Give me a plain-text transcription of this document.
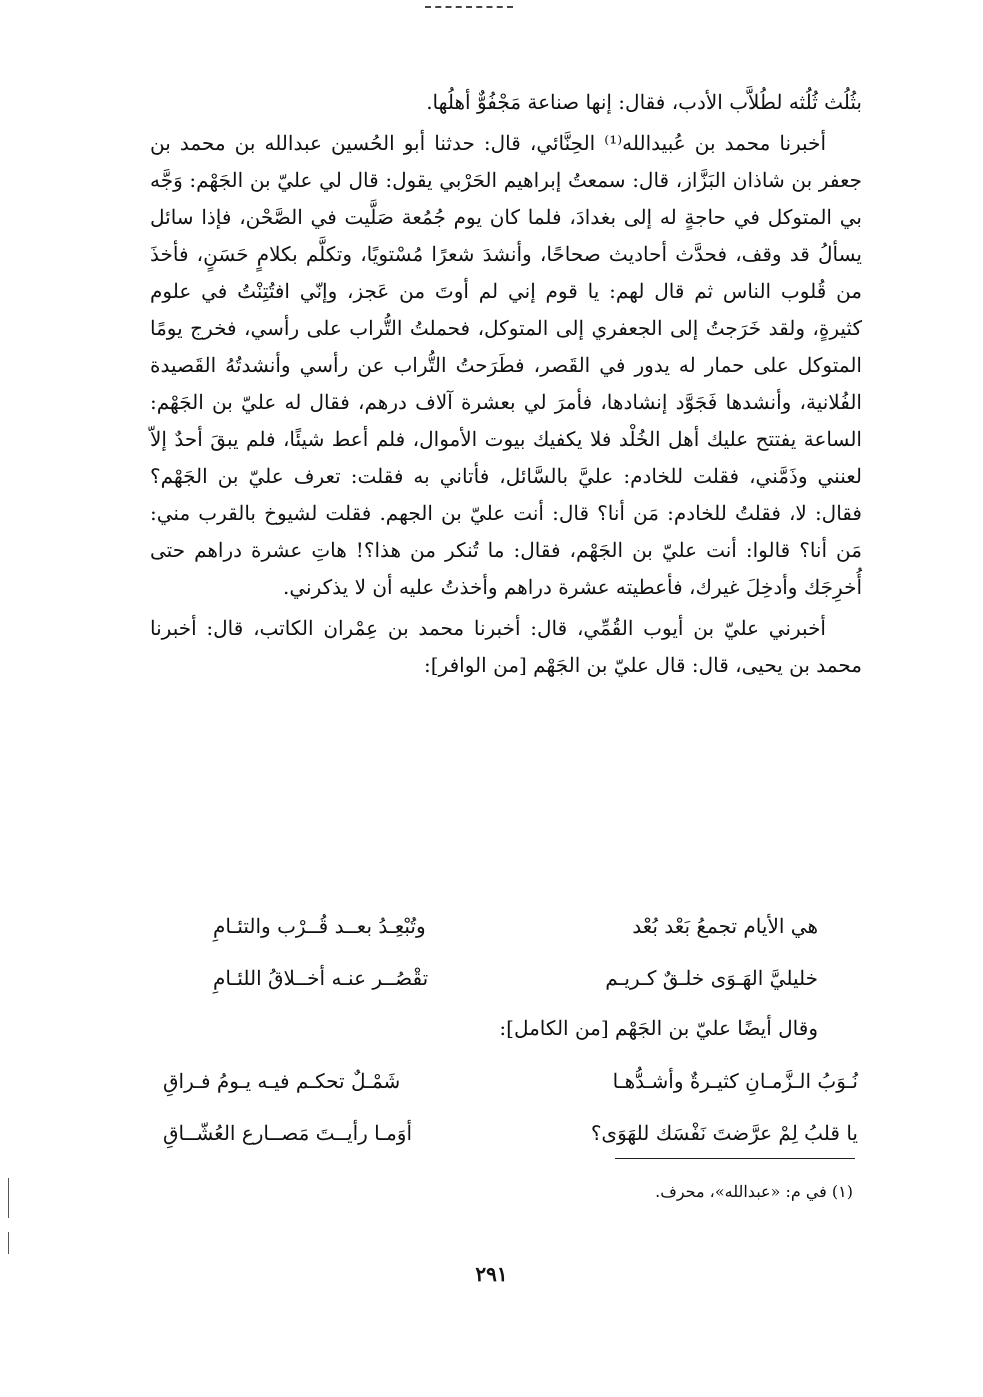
بثُلُث ثُلُثه لطُلاَّب الأدب، فقال: إنها صناعة مَجْفُوٌّ أهلُها.

أخبرنا محمد بن عُبيدالله⁽¹⁾ الحِنَّائي، قال: حدثنا أبو الحُسين عبدالله بن محمد بن جعفر بن شاذان البَزَّاز، قال: سمعتُ إبراهيم الحَرْبي يقول: قال لي عليّ بن الجَهْم: وَجَّه بي المتوكل في حاجةٍ له إلى بغدادَ، فلما كان يوم جُمُعة صَلَّيت في الصَّحْن، فإذا سائل يسألُ قد وقف، فحدَّث أحاديث صحاحًا، وأنشدَ شعرًا مُسْتويًا، وتكلَّم بكلامٍ حَسَنٍ، فأخذَ من قُلوب الناس ثم قال لهم: يا قوم إني لم أوتَ من عَجز، وإنّي افتُتِنْتُ في علوم كثيرةٍ، ولقد خَرَجتُ إلى الجعفري إلى المتوكل، فحملتُ التُّراب على رأسي، فخرج يومًا المتوكل على حمار له يدور في القَصر، فطَرَحتُ التُّراب عن رأسي وأنشدتُهُ القَصيدة الفُلانية، وأنشدها فَجَوَّد إنشادها، فأمرَ لي بعشرة آلاف درهم، فقال له عليّ بن الجَهْم: الساعة يفتتح عليك أهل الخُلْد فلا يكفيك بيوت الأموال، فلم أعط شيئًا، فلم يبقَ أحدٌ إلاّ لعنني وذَمَّني، فقلت للخادم: عليَّ بالسَّائل، فأتاني به فقلت: تعرف عليّ بن الجَهْم؟ فقال: لا، فقلتُ للخادم: مَن أنا؟ قال: أنت عليّ بن الجهم. فقلت لشيوخ بالقرب مني: مَن أنا؟ قالوا: أنت عليّ بن الجَهْم، فقال: ما تُنكر من هذا؟! هاتِ عشرة دراهم حتى أُخرِجَك وأدخِلَ غيرك، فأعطيته عشرة دراهم وأخذتُ عليه أن لا يذكرني.

أخبرني عليّ بن أيوب القُمِّي، قال: أخبرنا محمد بن عِمْران الكاتب، قال: أخبرنا محمد بن يحيى، قال: قال عليّ بن الجَهْم [من الوافر]:

هي الأيام تجمعُ بَعْد بُعْد
وتُبْعِـدُ بعــد قُــرْب والتئـامِ
خليليَّ الهَـوَى خلـقٌ كـريـم
تقْصُــر عنـه أخــلاقُ اللئـامِ
وقال أيضًا عليّ بن الجَهْم [من الكامل]:
نُـوَبُ الـزَّمـانِ كثيـرةٌ وأشـدُّهـا
شَمْـلٌ تحكـم فيـه يـومُ فـراقِ
يا قلبُ لِمْ عرَّضتَ نَفْسَك للهَوَى؟
أوَمـا رأيــتَ مَصــارع العُشّــاقِ
(١) في م: «عبدالله»، محرف.
٢٩١
